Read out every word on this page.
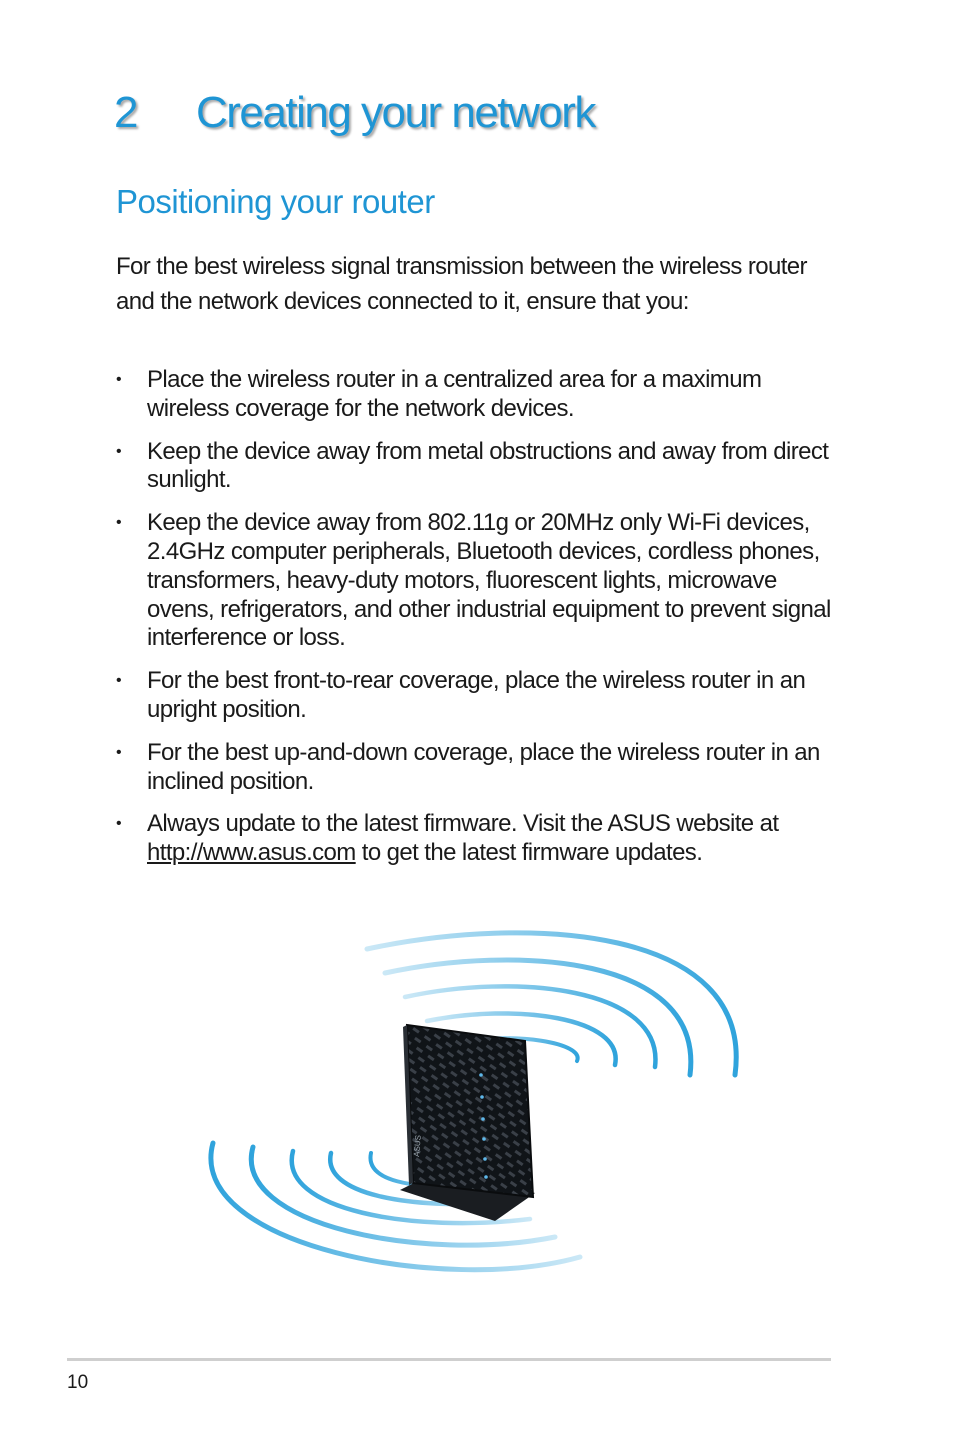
2 Creating your network
Positioning your router

For the best wireless signal transmission between the wireless router and the network devices connected to it, ensure that you:

• Place the wireless router in a centralized area for a maximum wireless coverage for the network devices.
• Keep the device away from metal obstructions and away from direct sunlight.
• Keep the device away from 802.11g or 20MHz only Wi-Fi devices, 2.4GHz computer peripherals, Bluetooth devices, cordless phones, transformers, heavy-duty motors, fluorescent lights, microwave ovens, refrigerators, and other industrial equipment to prevent signal interference or loss.
• For the best front-to-rear coverage, place the wireless router in an upright position.
• For the best up-and-down coverage, place the wireless router in an inclined position.
• Always update to the latest firmware. Visit the ASUS website at http://www.asus.com to get the latest firmware updates.
ASUS
10
